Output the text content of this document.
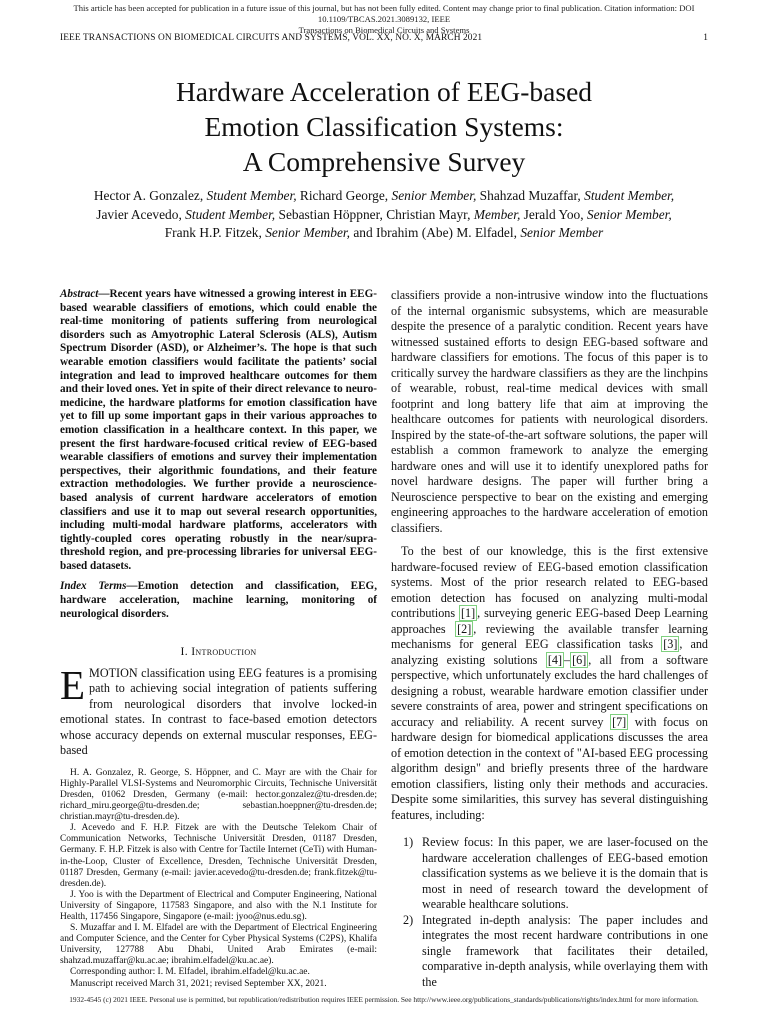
This article has been accepted for publication in a future issue of this journal, but has not been fully edited. Content may change prior to final publication. Citation information: DOI 10.1109/TBCAS.2021.3089132, IEEE
Transactions on Biomedical Circuits and Systems
IEEE TRANSACTIONS ON BIOMEDICAL CIRCUITS AND SYSTEMS, VOL. XX, NO. X, MARCH 2021	1
Hardware Acceleration of EEG-based
Emotion Classification Systems:
A Comprehensive Survey
Hector A. Gonzalez, Student Member, Richard George, Senior Member, Shahzad Muzaffar, Student Member,
Javier Acevedo, Student Member, Sebastian Höppner, Christian Mayr, Member, Jerald Yoo, Senior Member,
Frank H.P. Fitzek, Senior Member, and Ibrahim (Abe) M. Elfadel, Senior Member
Abstract—Recent years have witnessed a growing interest in EEG-based wearable classifiers of emotions, which could enable the real-time monitoring of patients suffering from neurological disorders such as Amyotrophic Lateral Sclerosis (ALS), Autism Spectrum Disorder (ASD), or Alzheimer’s. The hope is that such wearable emotion classifiers would facilitate the patients’ social integration and lead to improved healthcare outcomes for them and their loved ones. Yet in spite of their direct relevance to neuro-medicine, the hardware platforms for emotion classification have yet to fill up some important gaps in their various approaches to emotion classification in a healthcare context. In this paper, we present the first hardware-focused critical review of EEG-based wearable classifiers of emotions and survey their implementation perspectives, their algorithmic foundations, and their feature extraction methodologies. We further provide a neuroscience-based analysis of current hardware accelerators of emotion classifiers and use it to map out several research opportunities, including multi-modal hardware platforms, accelerators with tightly-coupled cores operating robustly in the near/supra-threshold region, and pre-processing libraries for universal EEG-based datasets.
Index Terms—Emotion detection and classification, EEG, hardware acceleration, machine learning, monitoring of neurological disorders.
I. Introduction

EMOTION classification using EEG features is a promising path to achieving social integration of patients suffering from neurological disorders that involve locked-in emotional states. In contrast to face-based emotion detectors whose accuracy depends on external muscular responses, EEG-based

H. A. Gonzalez, R. George, S. Höppner, and C. Mayr are with the Chair for Highly-Parallel VLSI-Systems and Neuromorphic Circuits, Technische Universität Dresden, 01062 Dresden, Germany (e-mail: hector.gonzalez@tu-dresden.de; richard_miru.george@tu-dresden.de; sebastian.hoeppner@tu-dresden.de; christian.mayr@tu-dresden.de).

J. Acevedo and F. H.P. Fitzek are with the Deutsche Telekom Chair of Communication Networks, Technische Universität Dresden, 01187 Dresden, Germany. F. H.P. Fitzek is also with Centre for Tactile Internet (CeTi) with Human-in-the-Loop, Cluster of Excellence, Dresden, Technische Universität Dresden, 01187 Dresden, Germany (e-mail: javier.acevedo@tu-dresden.de; frank.fitzek@tu-dresden.de).

J. Yoo is with the Department of Electrical and Computer Engineering, National University of Singapore, 117583 Singapore, and also with the N.1 Institute for Health, 117456 Singapore, Singapore (e-mail: jyoo@nus.edu.sg).

S. Muzaffar and I. M. Elfadel are with the Department of Electrical Engineering and Computer Science, and the Center for Cyber Physical Systems (C2PS), Khalifa University, 127788 Abu Dhabi, United Arab Emirates (e-mail: shahzad.muzaffar@ku.ac.ae; ibrahim.elfadel@ku.ac.ae).

Corresponding author: I. M. Elfadel, ibrahim.elfadel@ku.ac.ae.

Manuscript received March 31, 2021; revised September XX, 2021.

classifiers provide a non-intrusive window into the fluctuations of the internal organismic subsystems, which are measurable despite the presence of a paralytic condition. Recent years have witnessed sustained efforts to design EEG-based software and hardware classifiers for emotions. The focus of this paper is to critically survey the hardware classifiers as they are the linchpins of wearable, robust, real-time medical devices with small footprint and long battery life that aim at improving the healthcare outcomes for patients with neurological disorders. Inspired by the state-of-the-art software solutions, the paper will establish a common framework to analyze the emerging hardware ones and will use it to identify unexplored paths for novel hardware designs. The paper will further bring a Neuroscience perspective to bear on the existing and emerging engineering approaches to the hardware acceleration of emotion classifiers.

To the best of our knowledge, this is the first extensive hardware-focused review of EEG-based emotion classification systems. Most of the prior research related to EEG-based emotion detection has focused on analyzing multi-modal contributions [1] , surveying generic EEG-based Deep Learning approaches [2] , reviewing the available transfer learning mechanisms for general EEG classification tasks [3] , and analyzing existing solutions [4] – [6] , all from a software perspective, which unfortunately excludes the hard challenges of designing a robust, wearable hardware emotion classifier under severe constraints of area, power and stringent specifications on accuracy and reliability. A recent survey [7] with focus on hardware design for biomedical applications discusses the area of emotion detection in the context of "AI-based EEG processing algorithm design" and briefly presents three of the hardware emotion classifiers, listing only their methods and accuracies. Despite some similarities, this survey has several distinguishing features, including:

1) Review focus: In this paper, we are laser-focused on the hardware acceleration challenges of EEG-based emotion classification systems as we believe it is the domain that is most in need of research toward the development of wearable healthcare solutions.
2) Integrated in-depth analysis: The paper includes and integrates the most recent hardware contributions in one single framework that facilitates their detailed, comparative in-depth analysis, while overlaying them with the
1932-4545 (c) 2021 IEEE. Personal use is permitted, but republication/redistribution requires IEEE permission. See http://www.ieee.org/publications_standards/publications/rights/index.html for more information.
